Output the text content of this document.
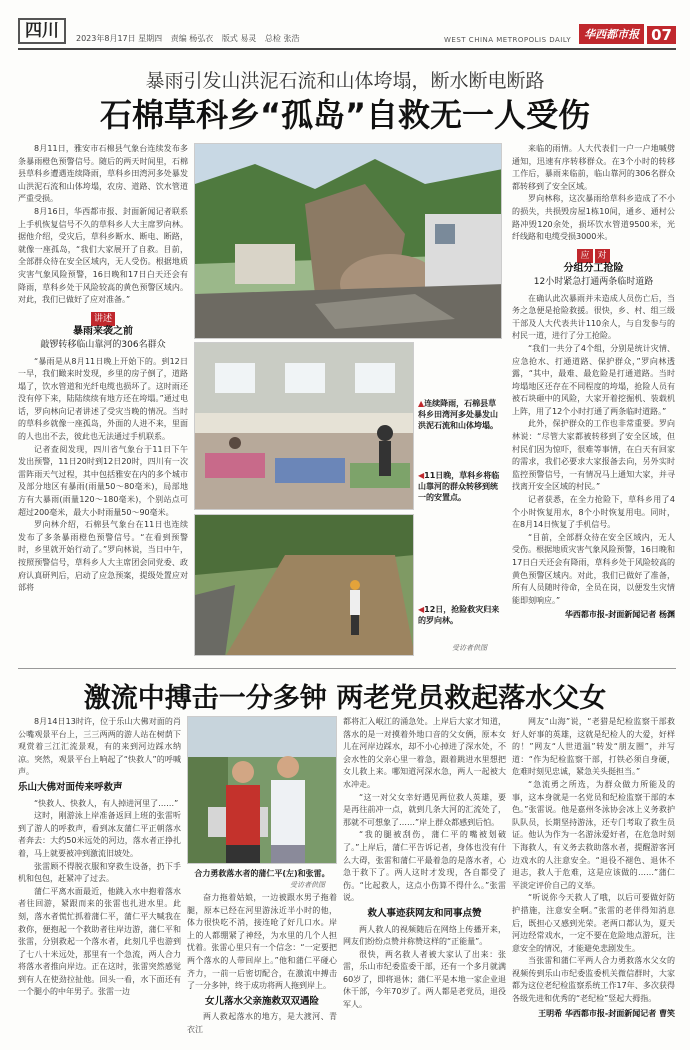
四川	2023年8月17日 星期四 责编 杨弘衣 版式 易灵 总检 张浩	WEST CHINA METROPOLIS DAILY	华西都市报 07
暴雨引发山洪泥石流和山体垮塌，断水断电断路
石棉草科乡“孤岛”自救无一人受伤

8月11日，雅安市石棉县气象台连续发布多条暴雨橙色预警信号。随后的两天时间里，石棉县草科乡遭遇连续降雨，草科乡田湾河多处暴发山洪泥石流和山体垮塌，农房、道路、饮水管道严重受损。

8月16日，华西都市报、封面新闻记者联系上手机恢复信号不久的草科乡人大主席罗向林。据他介绍，受灾后，草科乡断水、断电、断路，就像一座孤岛，“我们大家展开了自救。目前，全部群众待在安全区域内，无人受伤。根据地质灾害气象风险预警，16日晚和17日白天还会有降雨，草科乡处于风险较高的黄色预警区域内。对此，我们已做好了应对准备。”

讲述

暴雨来袭之前
敲锣转移临山靠河的306名群众

“暴雨是从8月11日晚上开始下的。到12日一早，我们瞰来时发现，乡里的房子倒了，道路塌了，饮水管道和光纤电缆也损坏了。这时雨还没有停下来，陆陆续续有地方还在垮塌。”通过电话，罗向林向记者讲述了受灾当晚的情况。当时的草科乡就像一座孤岛，外面的人进不来，里面的人也出不去，彼此也无法通过手机联系。

记者查阅发现，四川省气象台于11日下午发出预警，11日20时到12日20时，四川有一次雷阵雨天气过程，其中包括雅安在内的多个城市及部分地区有暴雨(雨量50～80毫米)，局部地方有大暴雨(雨量120～180毫米)，个别站点可超过200毫米，最大小时雨量50～90毫米。

罗向林介绍，石棉县气象台在11日也连续发布了多条暴雨橙色预警信号。“在看到预警时，乡里就开始行动了。”罗向林说，当日中午，按照预警信号，草科乡人大主席团会同党委、政府认真研判后，启动了应急预案，提级处置应对部将

▲连续降雨，石棉县草科乡田湾河多处暴发山洪泥石流和山体垮塌。
◀11日晚，草科乡将临山靠河的群众转移到统一的安置点。
◀12日，抢险救灾归来的罗向林。
受访者供图

来临的雨情。人大代表们一户一户地喊劈通知，迅速有序转移群众。在3个小时的转移工作后，暴雨来临前，临山靠河的306名群众都转移到了安全区域。

罗向林称，这次暴雨给草科乡造成了不小的损失，共损毁房屋1栋10间，通乡、通村公路冲毁120余处，损坏饮水管道9500米，光纤线路和电缆受损3000米。

应 对

分组分工抢险
12小时紧急打通两条临时道路

在确认此次暴雨并未造成人员伤亡后，当务之急便是抢险救援。很快，乡、村、组三级干部及人大代表共计110余人，与自发参与的村民一道，进行了分工抢险。

“我们一共分了4个组，分别是统计灾情、应急抢水、打通道路、保护群众，”罗向林透露，“其中，最难、最危险是打通道路。当时垮塌地区还存在不同程度的垮塌，抢险人员有被石块砸中的风险，大家开着挖掘机、装载机上阵，用了12个小时打通了两条临时道路。”

此外，保护群众的工作也非常重要。罗向林说：“尽管大家都被转移到了安全区域，但村民们因为惊吓，很难等事情，在白天有回家的需求，我们必要求大家报备去向，另外实时监控预警信号，一有情况马上通知大家，并寻找离开安全区域的村民。”

记者获悉，在全力抢险下，草科乡用了4个小时恢复用水，8个小时恢复用电。同时，在8月14日恢复了手机信号。

“目前，全部群众待在安全区域内，无人受伤。根据地质灾害气象风险预警，16日晚和17日白天还会有降雨，草科乡处于风险较高的黄色预警区域内。对此，我们已做好了准备，所有人员随时待命，全员在岗，以便发生灾情能即刻响应。”

华西都市报-封面新闻记者 杨渊
激流中搏击一分多钟 两老党员救起落水父女

8月14日13时许，位于乐山大佛对面的肖公嘴观景平台上，三三两两的游人站在树荫下观赏着三江汇流景观，有的来到河边踩水纳凉。突然，观景平台上响起了“快救人”的呼喊声。

乐山大佛对面传来呼救声

“快救人、快救人，有人掉进河里了……”

这时，刚游泳上岸准备返回上班的张雷听到了游人的呼救声，看到冰友蒲仁平正朝落水者奔去：大约50米远处的河边，落水者正挣扎着，马上就要被冲到激流旧坡处。

张雷顾不得脱衣服和穿救生设备，扔下手机和包包，赶紧冲了过去。

蒲仁平离水面最近，他跳入水中抱着落水者往回游，紧跟而来的张雷也扎进水里。此刻，落水者慌忙抓着蒲仁平，蒲仁平大喊我在救你，便抱起一个救助者往岸边游，蒲仁平和张雷，分别救起一个落水者，此刻几乎也游到了七八十米远处，那里有一个急流，两人合力将落水者推向岸边。正在这时，张雷突然感觉到有人在使劲拉扯他。回头一看，水下面还有一个腿小的中年男子。张雷一边

合力勇救落水者的蒲仁平(左)和张雷。
受访者供图

奋力拖着姑娘，一边被跟水男子拖着腿，原本已经在河里游泳近半小时的他，体力很快吃不消，接连呛了好几口水。岸上的人都绷紧了神经，为水里的几个人担忧着。张雷心里只有一个信念：“一定要把两个落水的人带回岸上。”他和蒲仁平碰心齐力，一前一后密切配合，在激流中搏击了一分多钟，终于成功将两人拖到岸上。

女儿落水父亲施救双双遇险

两人救起落水的地方，是大渡河、青衣江

都将汇入岷江的涌急处。上岸后大家才知道，落水的是一对摸着外地口音的父女俩，原本女儿在河岸边踩水，却不小心掉进了深水处，不会水性的父亲心里一着急，跟着跳进水里想把女儿救上来。哪知道河深水急，两人一起被大水冲走。

“这一对父女幸好遇见两位救人英雄，要是再往前冲一点，就到几条大河的汇流处了，那就不可想象了……”岸上群众都感到后怕。

“我的腿被刮伤，蒲仁平的嘴被划破了。”上岸后，蒲仁平告诉记者，身体也没有什么大碍，张雷和蒲仁平最着急的是落水者，心急于救下了。两人这时才发现，各自都受了伤。“比起救人，这点小伤算不得什么。”张雷说。

救人事迹获网友和同事点赞

两人救人的视频随后在网络上传播开来，网友们纷纷点赞并称赞这样的“正能量”。

很快，两名救人者被大家认了出来：张雷，乐山市纪委监委干部，还有一个多月就满60岁了，即将退休；蒲仁平是本地一家企业退休干部，今年70岁了。两人都是老党员，退役军人。

网友“山海”说，“老猎是纪检监察干部救好人好事的英雄，这就是纪检人的大爱，好样的！”网友“人世道温”转发“朋友圈”，并写道：“作为纪检监察干部，打铁必须自身硬，危难时刻见忠诚，紧急关头挺担当。”

“急流勇之所选，为群众做力所能及的事，这本身就是一名党员和纪检监察干部的本色。”张雷说。他是嘉州冬泳协会冰上义务救护队队员，长期坚持游泳，还专门考取了救生员证。他认为作为一名游泳爱好者，在危急时刻下海救人，有义务去救助落水者，提醒游客河边戏水的人注意安全。“退役不褪色、退休不退志，救人于危难，这是应该做的……”蒲仁平淡定评价自己的义举。

“听说你今天救人了哦，以后可要做好防护措施，注意安全啊。”张雷的老伴得知消息后，既担心又感到光荣。老两口都认为，夏天河边经常戏水，一定不要在危险地点游玩，注意安全的情况，才能避免悲剧发生。

当张雷和蒲仁平两人合力勇救落水父女的视频传到乐山市纪委监委机关微信群时，大家都为这位老纪检监察系统工作17年、多次获得各级先进和优秀的“老纪检”竖起大拇指。

王明希 华西都市报-封面新闻记者 曹笑
